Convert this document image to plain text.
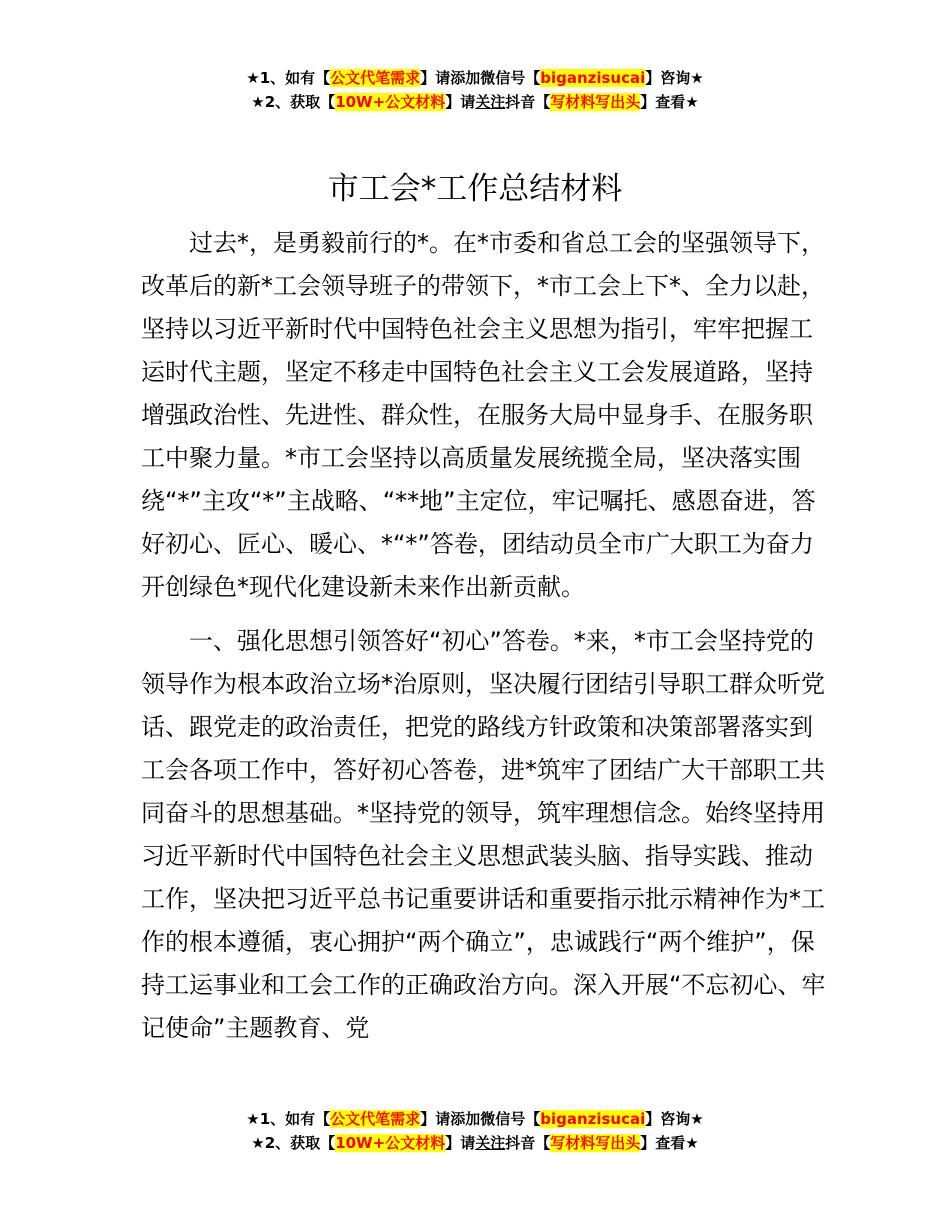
★1、如有【公文代笔需求】请添加微信号【biganzisucai】咨询★
★2、获取【10W+公文材料】请关注抖音【写材料写出头】查看★
市工会*工作总结材料

过去*，是勇毅前行的*。在*市委和省总工会的坚强领导下，改革后的新*工会领导班子的带领下，*市工会上下*、全力以赴，坚持以习近平新时代中国特色社会主义思想为指引，牢牢把握工运时代主题，坚定不移走中国特色社会主义工会发展道路，坚持增强政治性、先进性、群众性，在服务大局中显身手、在服务职工中聚力量。*市工会坚持以高质量发展统揽全局，坚决落实围绕“*”主攻“*”主战略、“**地”主定位，牢记嘱托、感恩奋进，答好初心、匠心、暖心、*“*”答卷，团结动员全市广大职工为奋力开创绿色*现代化建设新未来作出新贡献。

一、强化思想引领答好“初心”答卷。*来，*市工会坚持党的领导作为根本政治立场*治原则，坚决履行团结引导职工群众听党话、跟党走的政治责任，把党的路线方针政策和决策部署落实到工会各项工作中，答好初心答卷，进*筑牢了团结广大干部职工共同奋斗的思想基础。*坚持党的领导，筑牢理想信念。始终坚持用习近平新时代中国特色社会主义思想武装头脑、指导实践、推动工作，坚决把习近平总书记重要讲话和重要指示批示精神作为*工作的根本遵循，衷心拥护“两个确立”，忠诚践行“两个维护”，保持工运事业和工会工作的正确政治方向。深入开展“不忘初心、牢记使命”主题教育、党

★1、如有【公文代笔需求】请添加微信号【biganzisucai】咨询★
★2、获取【10W+公文材料】请关注抖音【写材料写出头】查看★
